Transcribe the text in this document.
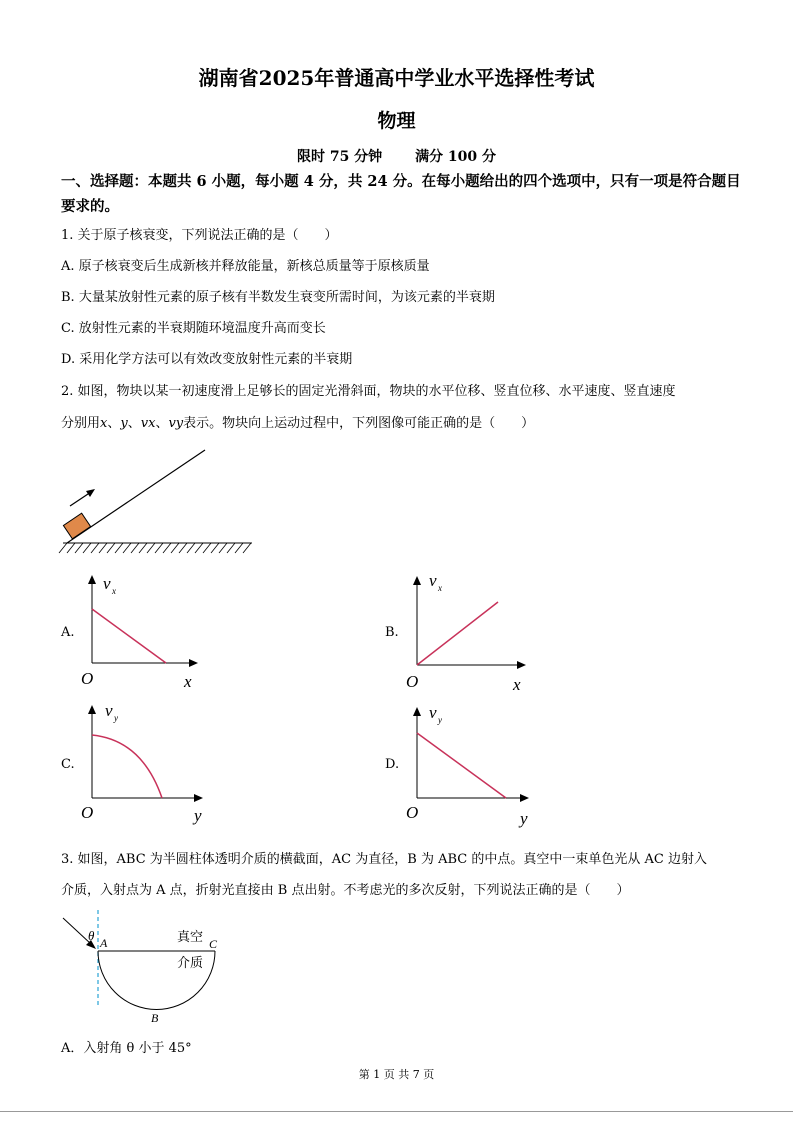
湖南省2025年普通高中学业水平选择性考试
物理
限时 75 分钟 满分 100 分
一、选择题：本题共 6 小题，每小题 4 分，共 24 分。在每小题给出的四个选项中，只有一项是符合题目要求的。
1. 关于原子核衰变，下列说法正确的是（　　）
A. 原子核衰变后生成新核并释放能量，新核总质量等于原核质量
B. 大量某放射性元素的原子核有半数发生衰变所需时间，为该元素的半衰期
C. 放射性元素的半衰期随环境温度升高而变长
D. 采用化学方法可以有效改变放射性元素的半衰期
2. 如图，物块以某一初速度滑上足够长的固定光滑斜面，物块的水平位移、竖直位移、水平速度、竖直速度
分别用x、y、vx、vy表示。物块向上运动过程中，下列图像可能正确的是（　　）
A.	B.
C.	D.
v x
O	x
v x
O	x
v y
O	y
v y
O	y
3. 如图，ABC 为半圆柱体透明介质的横截面，AC 为直径，B 为 ABC 的中点。真空中一束单色光从 AC 边射入
介质，入射点为 A 点，折射光直接由 B 点出射。不考虑光的多次反射，下列说法正确的是（　　）
θ A	C
B
真空
介质
A．入射角 θ 小于 45°
第 1 页 共 7 页
